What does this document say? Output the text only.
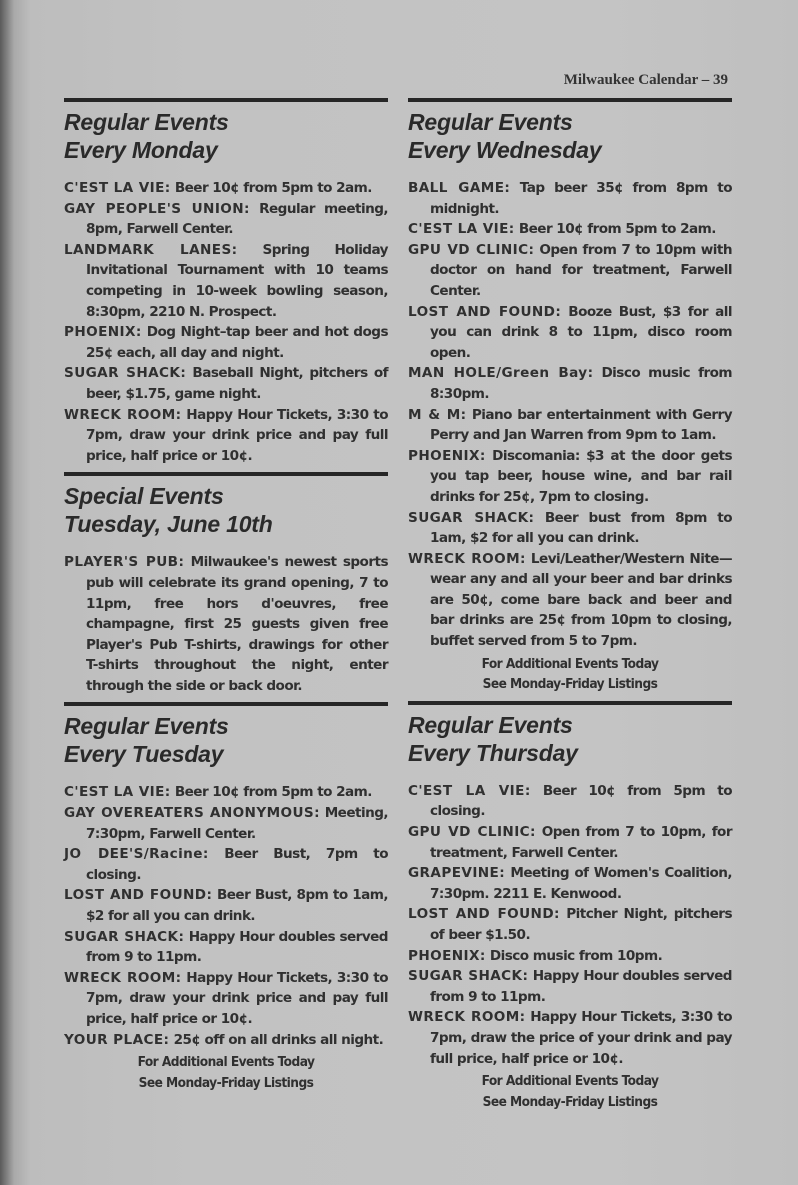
Milwaukee Calendar – 39
Regular Events
Every Monday

C'EST LA VIE: Beer 10¢ from 5pm to 2am.

GAY PEOPLE'S UNION: Regular meeting, 8pm, Farwell Center.

LANDMARK LANES: Spring Holiday Invitational Tournament with 10 teams competing in 10-week bowling season, 8:30pm, 2210 N. Prospect.

PHOENIX: Dog Night–tap beer and hot dogs 25¢ each, all day and night.

SUGAR SHACK: Baseball Night, pitchers of beer, $1.75, game night.

WRECK ROOM: Happy Hour Tickets, 3:30 to 7pm, draw your drink price and pay full price, half price or 10¢.

Special Events
Tuesday, June 10th

PLAYER'S PUB: Milwaukee's newest sports pub will celebrate its grand opening, 7 to 11pm, free hors d'oeuvres, free champagne, first 25 guests given free Player's Pub T-shirts, drawings for other T-shirts throughout the night, enter through the side or back door.

Regular Events
Every Tuesday

C'EST LA VIE: Beer 10¢ from 5pm to 2am.

GAY OVEREATERS ANONYMOUS: Meeting, 7:30pm, Farwell Center.

JO DEE'S/Racine: Beer Bust, 7pm to closing.

LOST AND FOUND: Beer Bust, 8pm to 1am, $2 for all you can drink.

SUGAR SHACK: Happy Hour doubles served from 9 to 11pm.

WRECK ROOM: Happy Hour Tickets, 3:30 to 7pm, draw your drink price and pay full price, half price or 10¢.

YOUR PLACE: 25¢ off on all drinks all night.

For Additional Events Today
See Monday-Friday Listings
Regular Events
Every Wednesday

BALL GAME: Tap beer 35¢ from 8pm to midnight.

C'EST LA VIE: Beer 10¢ from 5pm to 2am.

GPU VD CLINIC: Open from 7 to 10pm with doctor on hand for treatment, Farwell Center.

LOST AND FOUND: Booze Bust, $3 for all you can drink 8 to 11pm, disco room open.

MAN HOLE/Green Bay: Disco music from 8:30pm.

M & M: Piano bar entertainment with Gerry Perry and Jan Warren from 9pm to 1am.

PHOENIX: Discomania: $3 at the door gets you tap beer, house wine, and bar rail drinks for 25¢, 7pm to closing.

SUGAR SHACK: Beer bust from 8pm to 1am, $2 for all you can drink.

WRECK ROOM: Levi/Leather/Western Nite—wear any and all your beer and bar drinks are 50¢, come bare back and beer and bar drinks are 25¢ from 10pm to closing, buffet served from 5 to 7pm.

For Additional Events Today
See Monday-Friday Listings
Regular Events
Every Thursday

C'EST LA VIE: Beer 10¢ from 5pm to closing.

GPU VD CLINIC: Open from 7 to 10pm, for treatment, Farwell Center.

GRAPEVINE: Meeting of Women's Coalition, 7:30pm. 2211 E. Kenwood.

LOST AND FOUND: Pitcher Night, pitchers of beer $1.50.

PHOENIX: Disco music from 10pm.

SUGAR SHACK: Happy Hour doubles served from 9 to 11pm.

WRECK ROOM: Happy Hour Tickets, 3:30 to 7pm, draw the price of your drink and pay full price, half price or 10¢.

For Additional Events Today
See Monday-Friday Listings
